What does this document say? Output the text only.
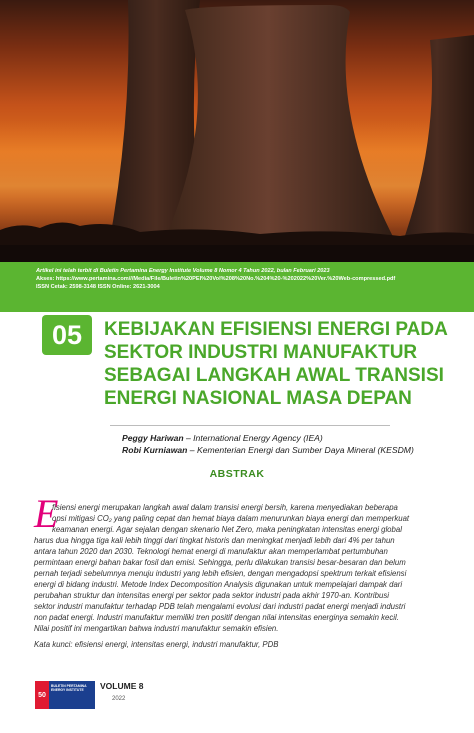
Artikel ini telah terbit di Buletin Pertamina Energy Institute Volume 8 Nomor 4 Tahun 2022, bulan Februari 2023

Akses: https://www.pertamina.com///Media/File/Buletin%20PEI%20Vol%208%20No.%204%20-%202022%20Ver.%20Web-compressed.pdf

ISSN Cetak: 2598-3148 ISSN Online: 2621-3004

05	KEBIJAKAN EFISIENSI ENERGI PADA
SEKTOR INDUSTRI MANUFAKTUR
SEBAGAI LANGKAH AWAL TRANSISI
ENERGI NASIONAL MASA DEPAN
Peggy Hariwan – International Energy Agency (IEA)
Robi Kurniawan – Kementerian Energi dan Sumber Daya Mineral (KESDM)
ABSTRAK
E

fisiensi energi merupakan langkah awal dalam transisi energi bersih, karena menyediakan beberapa
opsi mitigasi CO₂ yang paling cepat dan hemat biaya dalam menurunkan biaya energi dan memperkuat
keamanan energi. Agar sejalan dengan skenario Net Zero, maka peningkatan intensitas energi global
harus dua hingga tiga kali lebih tinggi dari tingkat historis dan meningkat menjadi lebih dari 4% per tahun
antara tahun 2020 dan 2030. Teknologi hemat energi di manufaktur akan memperlambat pertumbuhan
permintaan energi bahan bakar fosil dan emisi. Sehingga, perlu dilakukan transisi besar-besaran dan belum
pernah terjadi sebelumnya menuju industri yang lebih efisien, dengan mengadopsi spektrum terkait efisiensi
energi di bidang industri. Metode Index Decomposition Analysis digunakan untuk mempelajari dampak dari
perubahan struktur dan intensitas energi per sektor pada sektor industri pada akhir 1970-an. Kontribusi
sektor industri manufaktur terhadap PDB telah mengalami evolusi dari industri padat energi menjadi industri
non padat energi. Industri manufaktur memiliki tren positif dengan nilai intensitas energinya semakin kecil.
Nilai positif ini mengartikan bahwa industri manufaktur semakin efisien.

Kata kunci: efisiensi energi, intensitas energi, industri manufaktur, PDB

50
BULETIN PERTAMINA ENERGY INSTITUTE	VOLUME 8
2022
